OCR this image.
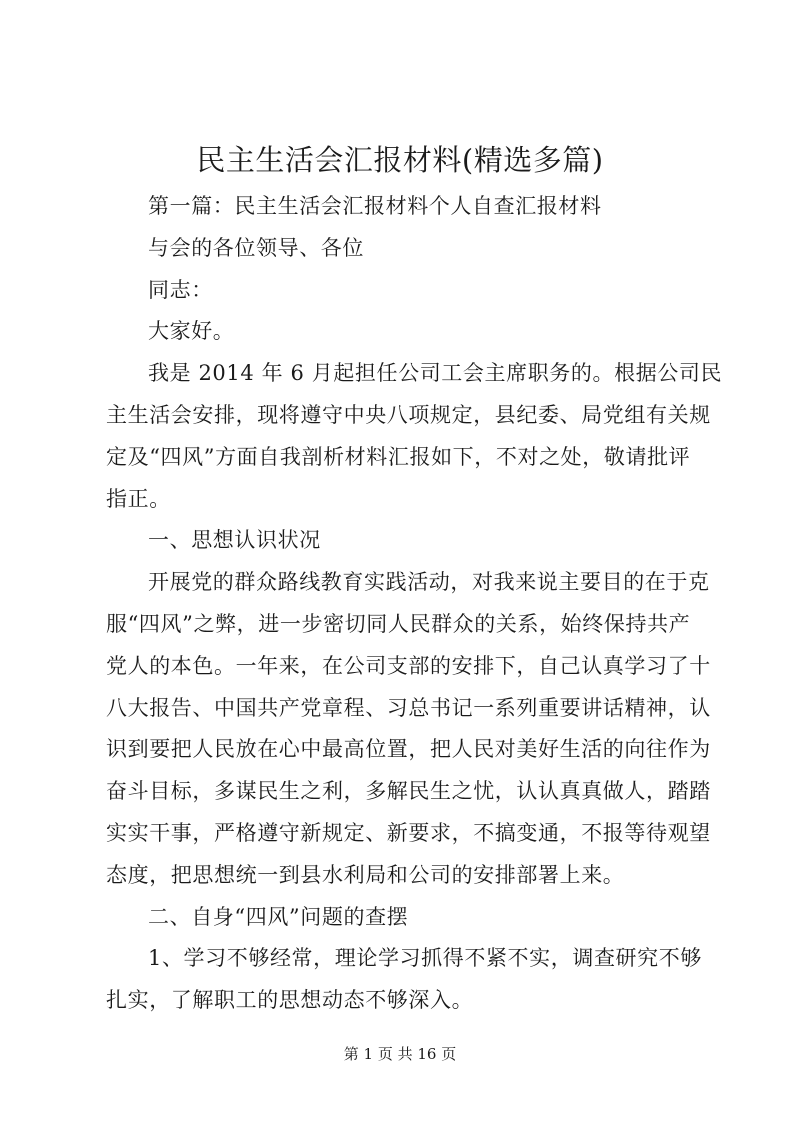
民主生活会汇报材料(精选多篇)

第一篇：民主生活会汇报材料个人自查汇报材料

与会的各位领导、各位

同志：

大家好。

我是 2014 年 6 月起担任公司工会主席职务的。根据公司民
主生活会安排，现将遵守中央八项规定，县纪委、局党组有关规
定及“四风”方面自我剖析材料汇报如下，不对之处，敬请批评
指正。

一、思想认识状况

开展党的群众路线教育实践活动，对我来说主要目的在于克
服“四风”之弊，进一步密切同人民群众的关系，始终保持共产
党人的本色。一年来，在公司支部的安排下，自己认真学习了十
八大报告、中国共产党章程、习总书记一系列重要讲话精神，认
识到要把人民放在心中最高位置，把人民对美好生活的向往作为
奋斗目标，多谋民生之利，多解民生之忧，认认真真做人，踏踏
实实干事，严格遵守新规定、新要求，不搞变通，不报等待观望
态度，把思想统一到县水利局和公司的安排部署上来。

二、自身“四风”问题的查摆

1、学习不够经常，理论学习抓得不紧不实，调查研究不够
扎实，了解职工的思想动态不够深入。

第 1 页 共 16 页
